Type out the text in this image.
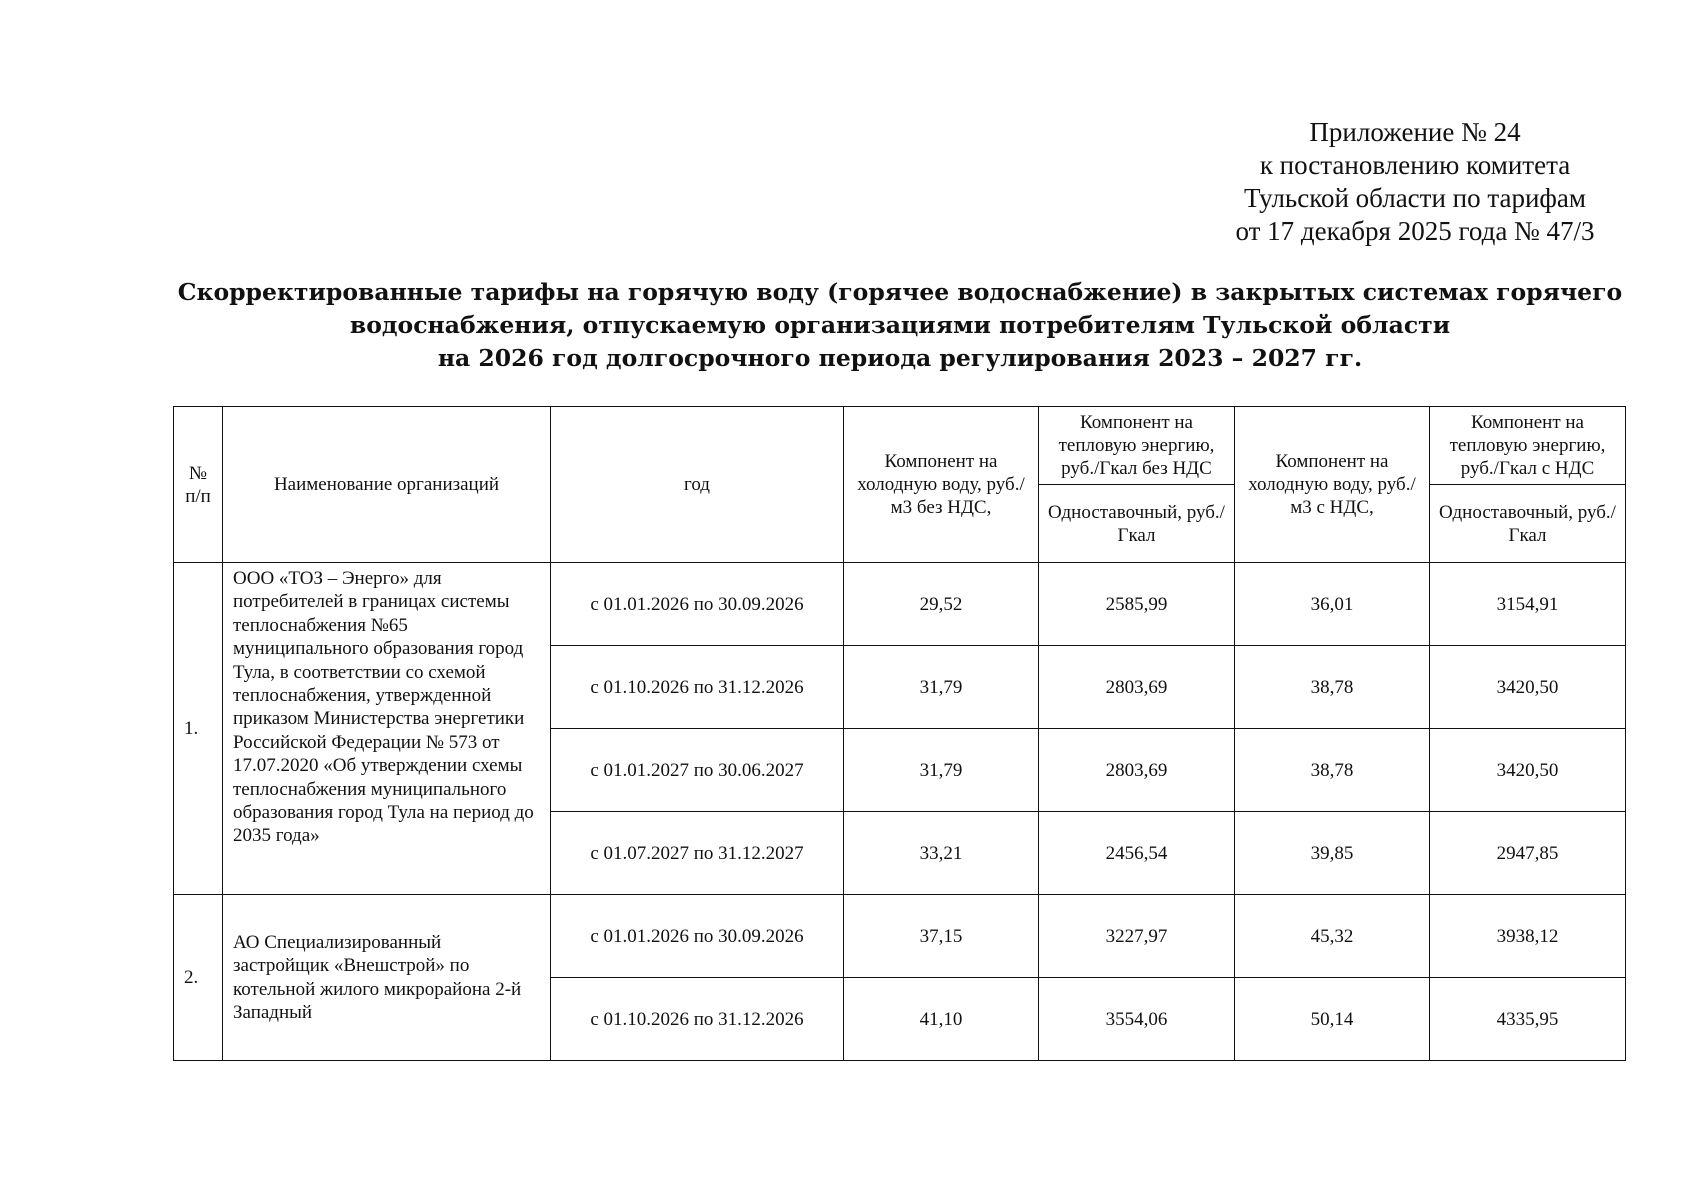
Приложение № 24
к постановлению комитета
Тульской области по тарифам
от 17 декабря 2025 года № 47/3
Скорректированные тарифы на горячую воду (горячее водоснабжение) в закрытых системах горячего
водоснабжения, отпускаемую организациями потребителям Тульской области
на 2026 год долгосрочного периода регулирования 2023 – 2027 гг.
№ п/п	Наименование организаций	год	Компонент на холодную воду, руб./м3 без НДС,	Компонент на тепловую энергию, руб./Гкал без НДС	Компонент на холодную воду, руб./м3 с НДС,	Компонент на тепловую энергию, руб./Гкал с НДС
				Одноставочный, руб./Гкал		Одноставочный, руб./Гкал
1.	ООО «ТОЗ – Энерго» для потребителей в границах системы теплоснабжения №65 муниципального образования город Тула, в соответствии со схемой теплоснабжения, утвержденной приказом Министерства энергетики Российской Федерации № 573 от 17.07.2020 «Об утверждении схемы теплоснабжения муниципального образования город Тула на период до 2035 года»	с 01.01.2026 по 30.09.2026	29,52	2585,99	36,01	3154,91
		с 01.10.2026 по 31.12.2026	31,79	2803,69	38,78	3420,50
		с 01.01.2027 по 30.06.2027	31,79	2803,69	38,78	3420,50
		с 01.07.2027 по 31.12.2027	33,21	2456,54	39,85	2947,85
2.	АО Специализированный застройщик «Внешстрой» по котельной жилого микрорайона 2-й Западный	с 01.01.2026 по 30.09.2026	37,15	3227,97	45,32	3938,12
		с 01.10.2026 по 31.12.2026	41,10	3554,06	50,14	4335,95
